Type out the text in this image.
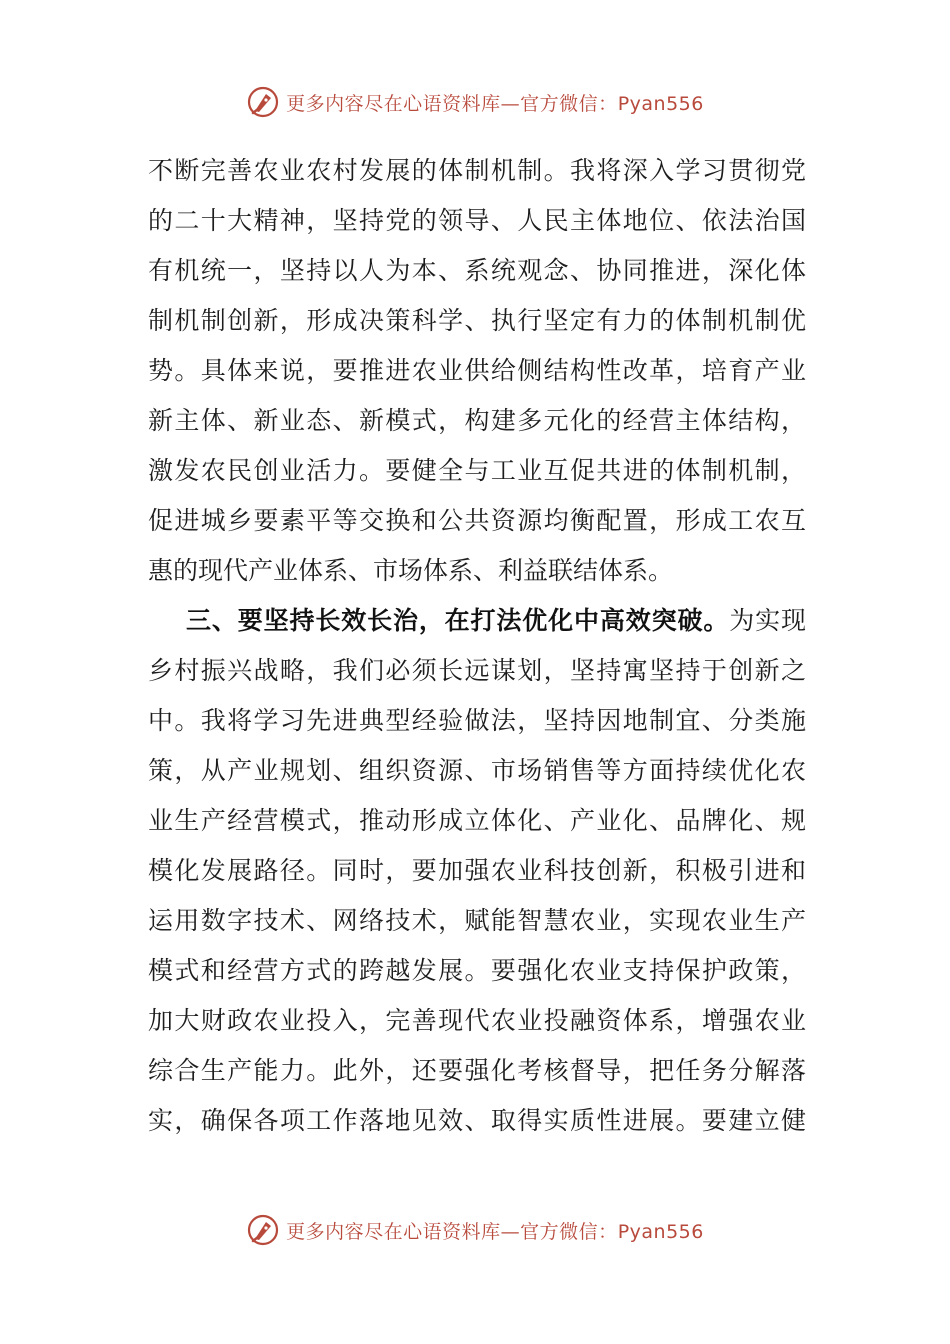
更多内容尽在心语资料库—官方微信：Pyan556
不断完善农业农村发展的体制机制。我将深入学习贯彻党
的二十大精神，坚持党的领导、人民主体地位、依法治国
有机统一，坚持以人为本、系统观念、协同推进，深化体
制机制创新，形成决策科学、执行坚定有力的体制机制优
势。具体来说，要推进农业供给侧结构性改革，培育产业
新主体、新业态、新模式，构建多元化的经营主体结构，
激发农民创业活力。要健全与工业互促共进的体制机制，
促进城乡要素平等交换和公共资源均衡配置，形成工农互
惠的现代产业体系、市场体系、利益联结体系。
三、要坚持长效长治，在打法优化中高效突破。为实现
乡村振兴战略，我们必须长远谋划，坚持寓坚持于创新之
中。我将学习先进典型经验做法，坚持因地制宜、分类施
策，从产业规划、组织资源、市场销售等方面持续优化农
业生产经营模式，推动形成立体化、产业化、品牌化、规
模化发展路径。同时，要加强农业科技创新，积极引进和
运用数字技术、网络技术，赋能智慧农业，实现农业生产
模式和经营方式的跨越发展。要强化农业支持保护政策，
加大财政农业投入，完善现代农业投融资体系，增强农业
综合生产能力。此外，还要强化考核督导，把任务分解落
实，确保各项工作落地见效、取得实质性进展。要建立健
更多内容尽在心语资料库—官方微信：Pyan556
